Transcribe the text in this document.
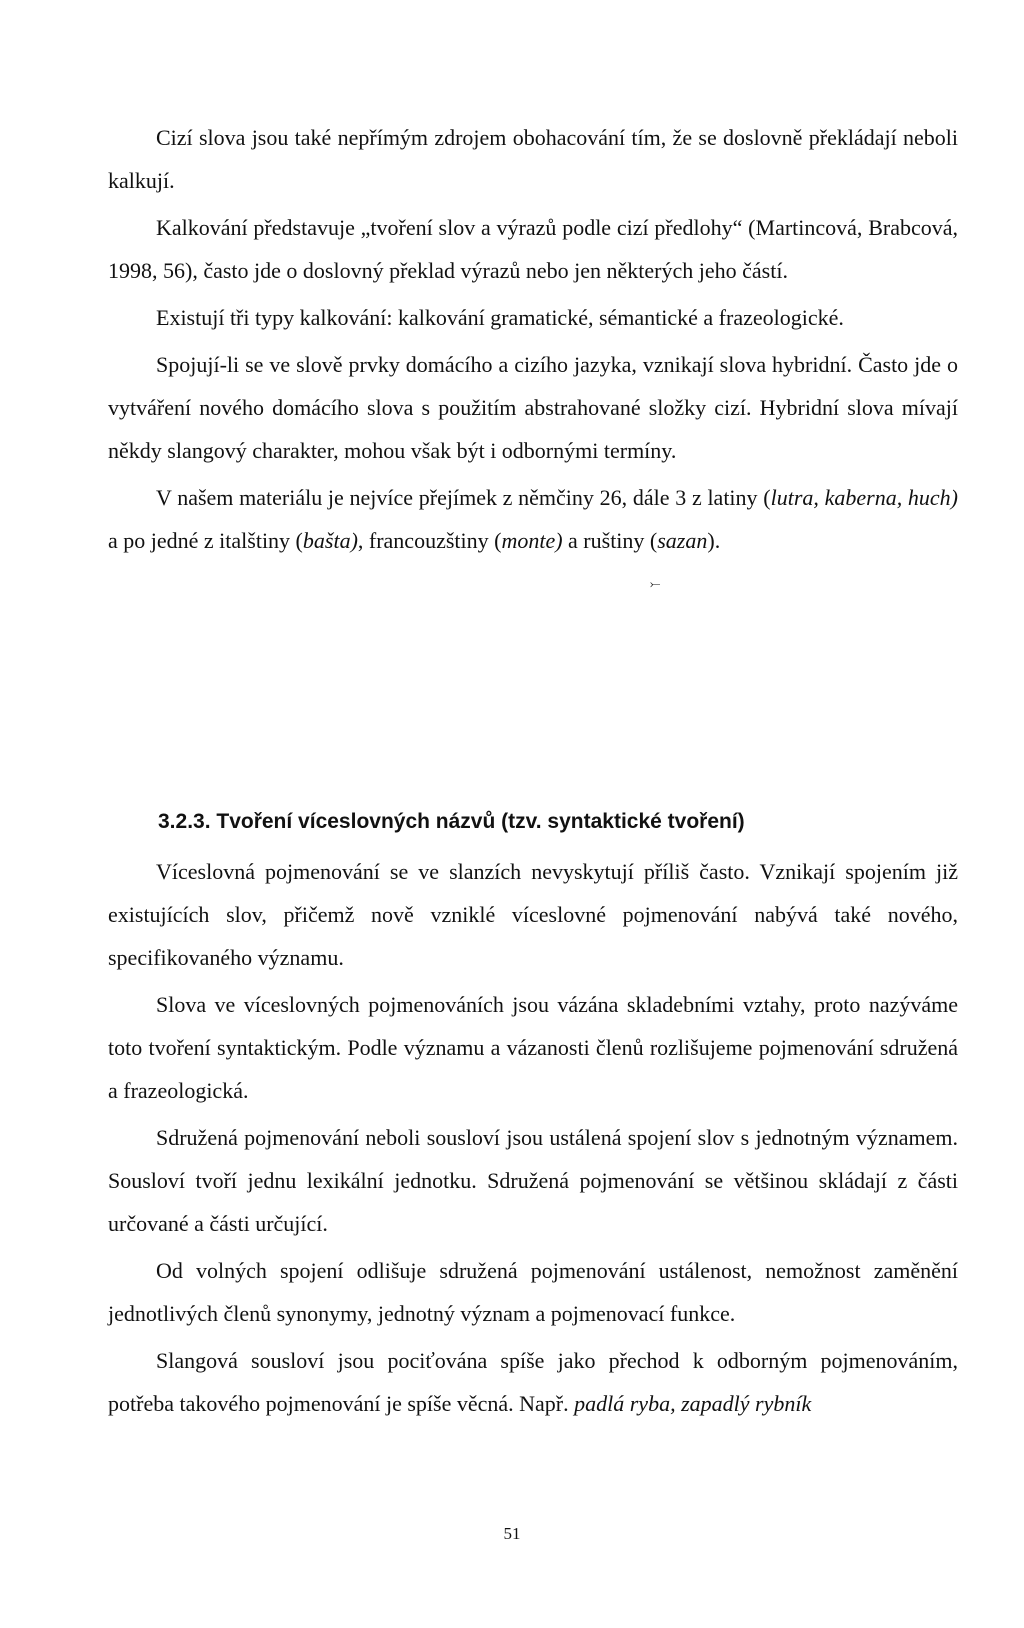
Cizí slova jsou také nepřímým zdrojem obohacování tím, že se doslovně překládají neboli kalkují.

Kalkování představuje „tvoření slov a výrazů podle cizí předlohy“ (Martincová, Brabcová, 1998, 56), často jde o doslovný překlad výrazů nebo jen některých jeho částí.

Existují tři typy kalkování: kalkování gramatické, sémantické a frazeologické.

Spojují-li se ve slově prvky domácího a cizího jazyka, vznikají slova hybridní. Často jde o vytváření nového domácího slova s použitím abstrahované složky cizí. Hybridní slova mívají někdy slangový charakter, mohou však být i odbornými termíny.

V našem materiálu je nejvíce přejímek z němčiny 26, dále 3 z latiny (lutra, kaberna, huch) a po jedné z italštiny (bašta), francouzštiny (monte) a ruštiny (sazan).

⤚
3.2.3. Tvoření víceslovných názvů (tzv. syntaktické tvoření)

Víceslovná pojmenování se ve slanzích nevyskytují příliš často. Vznikají spojením již existujících slov, přičemž nově vzniklé víceslovné pojmenování nabývá také nového, specifikovaného významu.

Slova ve víceslovných pojmenováních jsou vázána skladebními vztahy, proto nazýváme toto tvoření syntaktickým. Podle významu a vázanosti členů rozlišujeme pojmenování sdružená a frazeologická.

Sdružená pojmenování neboli sousloví jsou ustálená spojení slov s jednotným významem. Sousloví tvoří jednu lexikální jednotku. Sdružená pojmenování se většinou skládají z části určované a části určující.

Od volných spojení odlišuje sdružená pojmenování ustálenost, nemožnost zaměnění jednotlivých členů synonymy, jednotný význam a pojmenovací funkce.

Slangová sousloví jsou pociťována spíše jako přechod k odborným pojmenováním, potřeba takového pojmenování je spíše věcná. Např. padlá ryba, zapadlý rybník

51
